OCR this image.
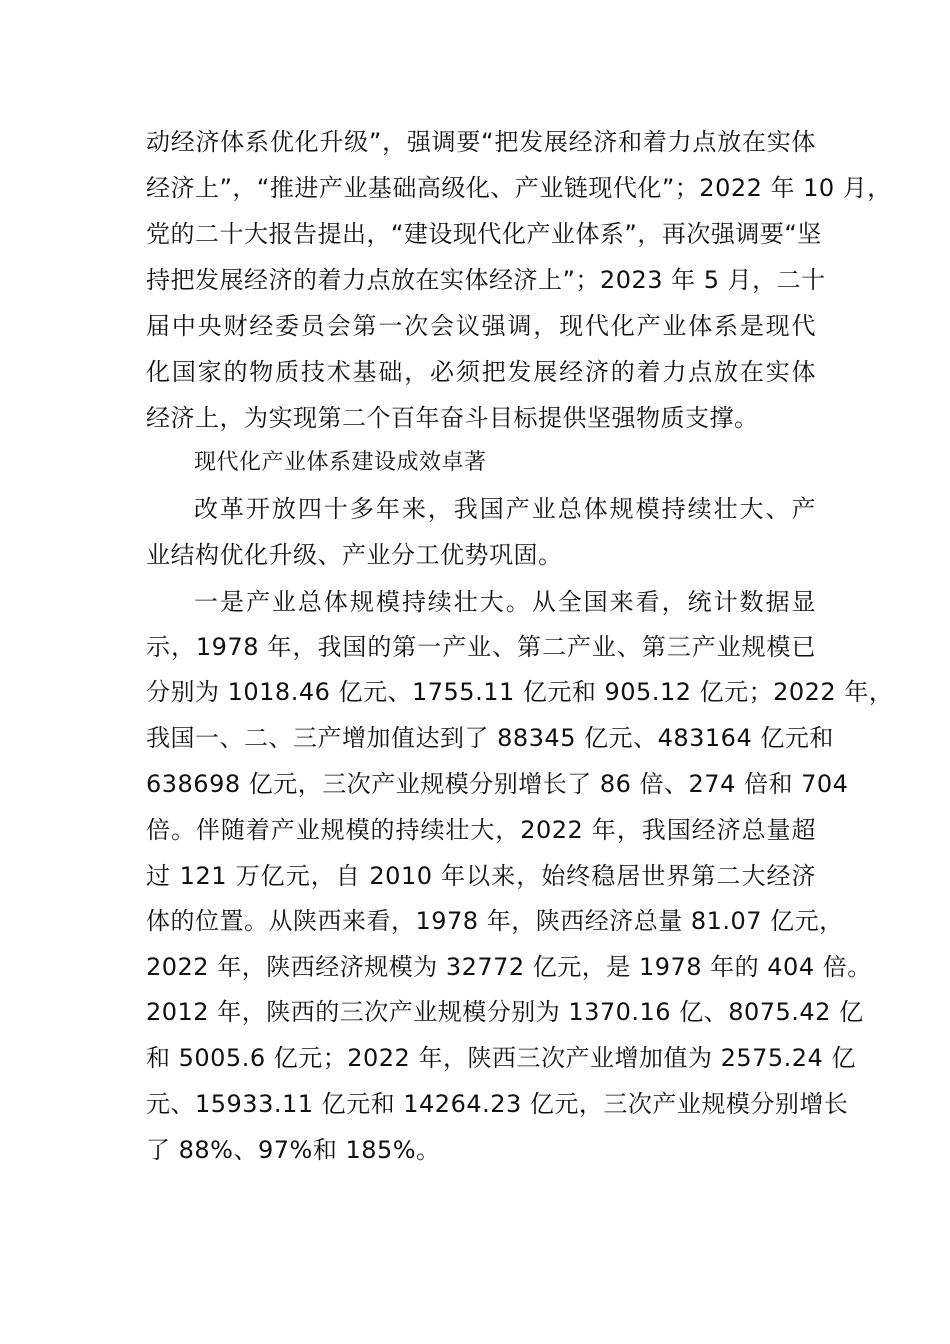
动经济体系优化升级”，强调要“把发展经济和着力点放在实体
经济上”，“推进产业基础高级化、产业链现代化”；2022 年 10 月，
党的二十大报告提出，“建设现代化产业体系”，再次强调要“坚
持把发展经济的着力点放在实体经济上”；2023 年 5 月，二十
届中央财经委员会第一次会议强调，现代化产业体系是现代
化国家的物质技术基础，必须把发展经济的着力点放在实体
经济上，为实现第二个百年奋斗目标提供坚强物质支撑。
现代化产业体系建设成效卓著
改革开放四十多年来，我国产业总体规模持续壮大、产
业结构优化升级、产业分工优势巩固。
一是产业总体规模持续壮大。从全国来看，统计数据显
示，1978 年，我国的第一产业、第二产业、第三产业规模已
分别为 1018.46 亿元、1755.11 亿元和 905.12 亿元；2022 年，
我国一、二、三产增加值达到了 88345 亿元、483164 亿元和
638698 亿元，三次产业规模分别增长了 86 倍、274 倍和 704
倍。伴随着产业规模的持续壮大，2022 年，我国经济总量超
过 121 万亿元，自 2010 年以来，始终稳居世界第二大经济
体的位置。从陕西来看，1978 年，陕西经济总量 81.07 亿元，
2022 年，陕西经济规模为 32772 亿元，是 1978 年的 404 倍。
2012 年，陕西的三次产业规模分别为 1370.16 亿、8075.42 亿
和 5005.6 亿元；2022 年，陕西三次产业增加值为 2575.24 亿
元、15933.11 亿元和 14264.23 亿元，三次产业规模分别增长
了 88%、97%和 185%。
